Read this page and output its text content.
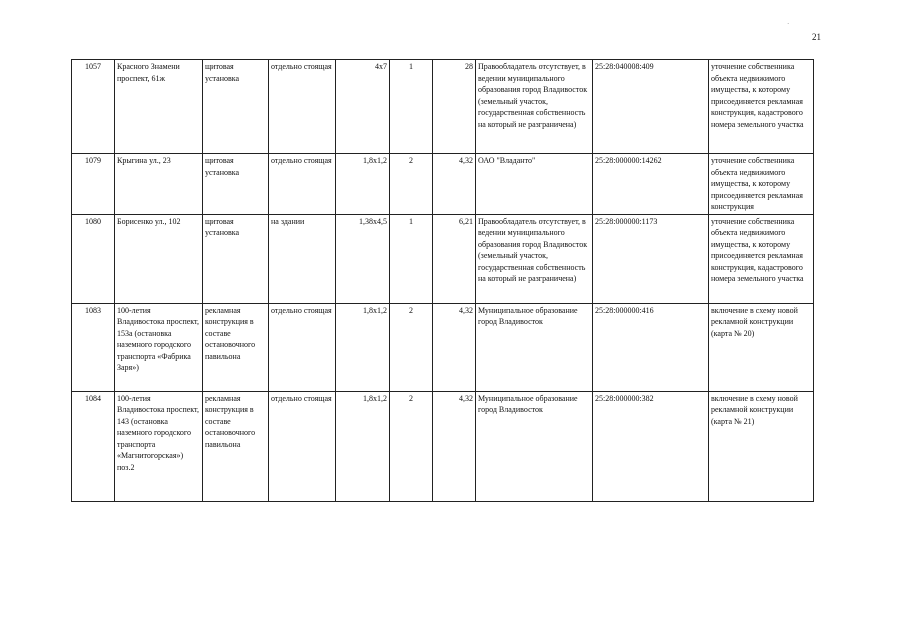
·
21
1057	Красного Знамени проспект, 61ж	щитовая установка	отдельно стоящая	4х7	1	28	Правообладатель отсутствует, в ведении муниципального образования город Владивосток (земельный участок, государственная собственность на который не разграничена)	25:28:040008:409	уточнение собственника объекта недвижимого имущества, к которому присоединяется рекламная конструкция, кадастрового номера земельного участка
1079	Крыгина ул., 23	щитовая установка	отдельно стоящая	1,8х1,2	2	4,32	ОАО "Владанто"	25:28:000000:14262	уточнение собственника объекта недвижимого имущества, к которому присоединяется рекламная конструкция
1080	Борисенко ул., 102	щитовая установка	на здании	1,38х4,5	1	6,21	Правообладатель отсутствует, в ведении муниципального образования город Владивосток (земельный участок, государственная собственность на который не разграничена)	25:28:000000:1173	уточнение собственника объекта недвижимого имущества, к которому присоединяется рекламная конструкция, кадастрового номера земельного участка
1083	100-летия Владивостока проспект, 153а (остановка наземного городского транспорта «Фабрика Заря»)	рекламная конструкция в составе остановочного павильона	отдельно стоящая	1,8х1,2	2	4,32	Муниципальное образование город Владивосток	25:28:000000:416	включение в схему новой рекламной конструкции (карта № 20)
1084	100-летия Владивостока проспект, 143 (остановка наземного городского транспорта «Магнитогорская») поз.2	рекламная конструкция в составе остановочного павильона	отдельно стоящая	1,8х1,2	2	4,32	Муниципальное образование город Владивосток	25:28:000000:382	включение в схему новой рекламной конструкции (карта № 21)
